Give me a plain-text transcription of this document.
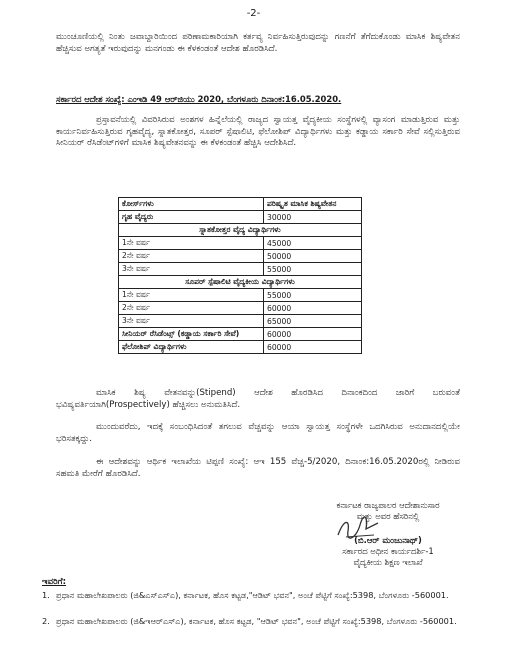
-2-

ಮುಂಚೂಣಿಯಲ್ಲಿ ನಿಂತು ಜವಾಬ್ದಾರಿಯಿಂದ ಪರಿಣಾಮಕಾರಿಯಾಗಿ ಕರ್ತವ್ಯ ನಿರ್ವಹಿಸುತ್ತಿರುವುದನ್ನು ಗಣನೆಗೆ ತೆಗೆದುಕೊಂಡು ಮಾಸಿಕ ಶಿಷ್ಯವೇತನ ಹೆಚ್ಚಿಸುವ ಅಗತ್ಯತೆ ಇರುವುದನ್ನು ಮನಗಂಡು ಈ ಕೆಳಕಂಡಂತೆ ಆದೇಶ ಹೊರಡಿಸಿದೆ.

ಸರ್ಕಾರದ ಆದೇಶ ಸಂಖ್ಯೆ: ಎಂಇಡಿ 49 ಆರ್‌ಜಿಯು 2020, ಬೆಂಗಳೂರು ದಿನಾಂಕ:16.05.2020.

ಪ್ರಸ್ತಾವನೆಯಲ್ಲಿ ವಿವರಿಸಿರುವ ಅಂಶಗಳ ಹಿನ್ನೆಲೆಯಲ್ಲಿ ರಾಜ್ಯದ ಸ್ವಾಯತ್ತ ವೈದ್ಯಕೀಯ ಸಂಸ್ಥೆಗಳಲ್ಲಿ ವ್ಯಾಸಂಗ ಮಾಡುತ್ತಿರುವ ಮತ್ತು ಕಾರ್ಯನಿರ್ವಹಿಸುತ್ತಿರುವ ಗೃಹವೈದ್ಯ, ಸ್ನಾತಕೋತ್ತರ, ಸೂಪರ್ ಸ್ಪೆಷಾಲಿಟಿ, ಫೆಲೋಶಿಪ್ ವಿದ್ಯಾರ್ಥಿಗಳು ಮತ್ತು ಕಡ್ಡಾಯ ಸರ್ಕಾರಿ ಸೇವೆ ಸಲ್ಲಿಸುತ್ತಿರುವ ಸೀನಿಯರ್ ರೆಸಿಡೆಂಟ್‌ಗಳಿಗೆ ಮಾಸಿಕ ಶಿಷ್ಯವೇತನವನ್ನು ಈ ಕೆಳಕಂಡಂತೆ ಹೆಚ್ಚಿಸಿ ಆದೇಶಿಸಿದೆ.

ಕೋರ್ಸ್‌ಗಳು	ಪರಿಷ್ಕೃತ ಮಾಸಿಕ ಶಿಷ್ಯವೇತನ
ಗೃಹ ವೈದ್ಯರು	30000
ಸ್ನಾತಕೋತ್ತರ ವೈದ್ಯ ವಿದ್ಯಾರ್ಥಿಗಳು	
1ನೇ ವರ್ಷ	45000
2ನೇ ವರ್ಷ	50000
3ನೇ ವರ್ಷ	55000
ಸೂಪರ್ ಸ್ಪೆಷಾಲಿಟಿ ವೈದ್ಯಕೀಯ ವಿದ್ಯಾರ್ಥಿಗಳು	
1ನೇ ವರ್ಷ	55000
2ನೇ ವರ್ಷ	60000
3ನೇ ವರ್ಷ	65000
ಸೀನಿಯರ್ ರೆಸಿಡೆಂಟ್ಸ್ (ಕಡ್ಡಾಯ ಸರ್ಕಾರಿ ಸೇವೆ)	60000
ಫೆಲೋಶಿಪ್ ವಿದ್ಯಾರ್ಥಿಗಳು	60000

ಮಾಸಿಕ ಶಿಷ್ಯ ವೇತನವನ್ನು(Stipend) ಆದೇಶ ಹೊರಡಿಸಿದ ದಿನಾಂಕದಿಂದ ಜಾರಿಗೆ ಬರುವಂತೆ ಭವಿಷ್ಯವರ್ತಿಯಾಗಿ(Prospectively) ಹೆಚ್ಚಿಸಲು ಅನುಮತಿಸಿದೆ.

ಮುಂದುವರೆದು, ಇದಕ್ಕೆ ಸಂಬಂಧಿಸಿದಂತೆ ತಗಲುವ ವೆಚ್ಚವನ್ನು ಆಯಾ ಸ್ವಾಯತ್ತ ಸಂಸ್ಥೆಗಳೇ ಒದಗಿಸಿರುವ ಅನುದಾನದಲ್ಲಿಯೇ ಭರಿಸತಕ್ಕದ್ದು.

ಈ ಆದೇಶವನ್ನು ಆರ್ಥಿಕ ಇಲಾಖೆಯ ಟಿಪ್ಪಣಿ ಸಂಖ್ಯೆ: ಆಇ 155 ವೆಚ್ಚ-5/2020, ದಿನಾಂಕ:16.05.2020ರಲ್ಲಿ ನೀಡಿರುವ ಸಹಮತಿ ಮೇರೆಗೆ ಹೊರಡಿಸಿದೆ.

ಕರ್ನಾಟಕ ರಾಜ್ಯಪಾಲರ ಆದೇಶಾನುಸಾರ
ಮತ್ತು ಅವರ ಹೆಸರಿನಲ್ಲಿ
(ಬಿ.ಆರ್ ಮಂಜುನಾಥ್)
ಸರ್ಕಾರದ ಅಧೀನ ಕಾರ್ಯದರ್ಶಿ-1
ವೈದ್ಯಕೀಯ ಶಿಕ್ಷಣ ಇಲಾಖೆ

ಇವರಿಗೆ:

1. ಪ್ರಧಾನ ಮಹಾಲೇಖಪಾಲರು (ಜಿ&ಎಸ್‌ಎಸ್‌ಎ), ಕರ್ನಾಟಕ, ಹೊಸ ಕಟ್ಟಡ,"ಆಡಿಟ್ ಭವನ", ಅಂಚೆ ಪೆಟ್ಟಿಗೆ ಸಂಖ್ಯೆ:5398, ಬೆಂಗಳೂರು -560001.
2. ಪ್ರಧಾನ ಮಹಾಲೇಖಪಾಲರು (ಜಿ&ಇಆರ್‌ಎಸ್‌ಎ), ಕರ್ನಾಟಕ, ಹೊಸ ಕಟ್ಟಡ, "ಆಡಿಟ್ ಭವನ", ಅಂಚೆ ಪೆಟ್ಟಿಗೆ ಸಂಖ್ಯೆ:5398, ಬೆಂಗಳೂರು -560001.
